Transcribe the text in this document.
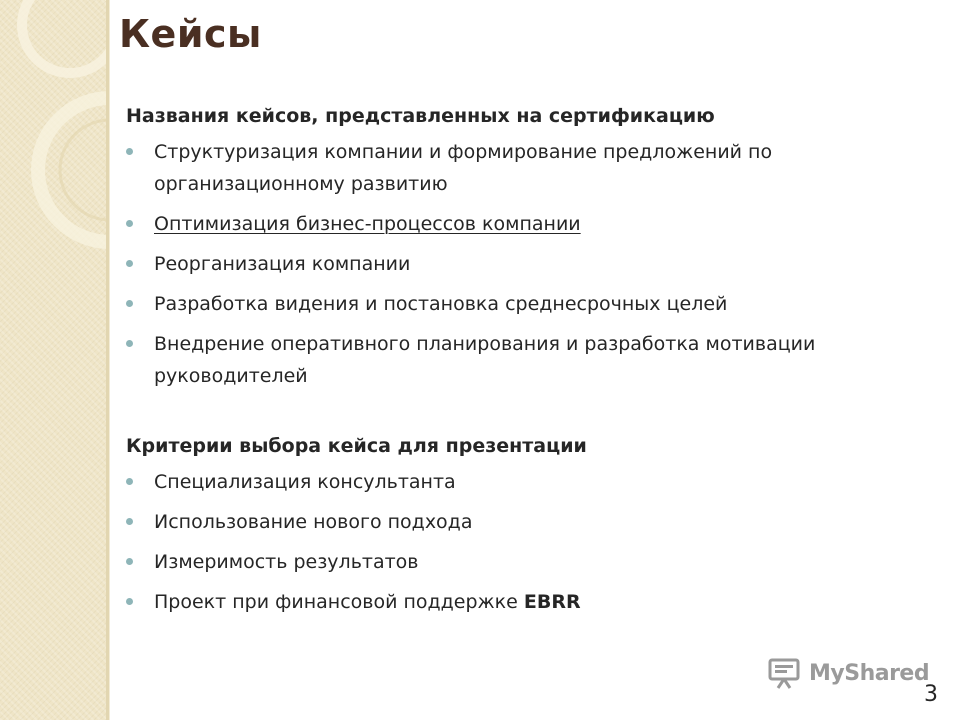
Кейсы
Названия кейсов, представленных на сертификацию
Структуризация компании и формирование предложений по организационному развитию
Оптимизация бизнес-процессов компании
Реорганизация компании
Разработка видения и постановка среднесрочных целей
Внедрение оперативного планирования и разработка мотивации руководителей
Критерии выбора кейса для презентации
Специализация консультанта
Использование нового подхода
Измеримость результатов
Проект при финансовой поддержке EBRR
MyShared
3
